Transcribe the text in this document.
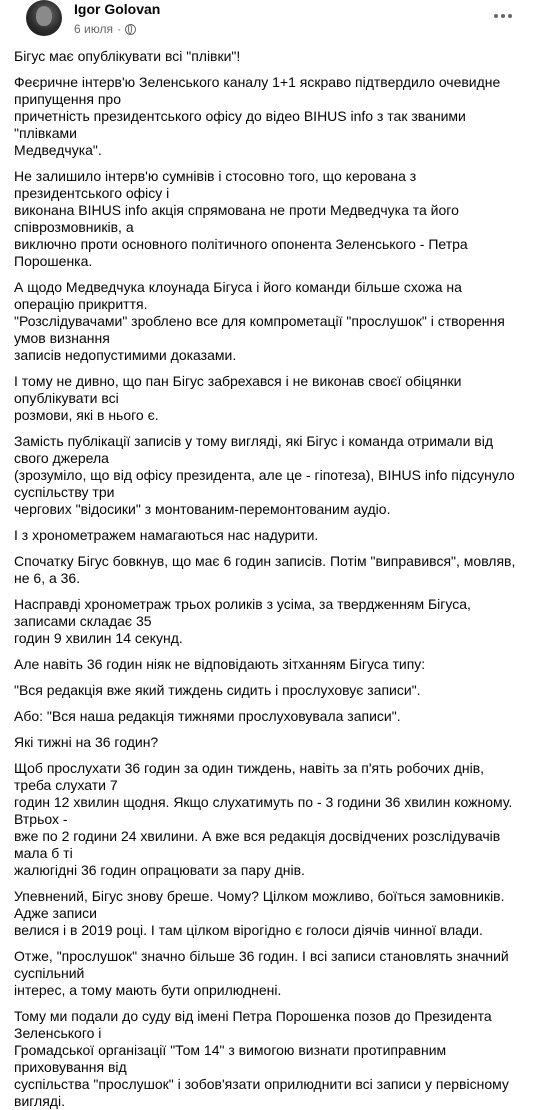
Igor Golovan
6 июля ·

Бігус має опублікувати всі "плівки"!

Феєричне інтерв'ю Зеленського каналу 1+1 яскраво підтвердило очевидне припущення про
причетність президентського офісу до відео BIHUS info з так званими "плівками
Медведчука".

Не залишило інтерв'ю сумнівів і стосовно того, що керована з президентського офісу і
виконана BIHUS info акція спрямована не проти Медведчука та його співрозмовників, а
виключно проти основного політичного опонента Зеленського - Петра Порошенка.

А щодо Медведчука клоунада Бігуса і його команди більше схожа на операцію прикриття.
"Розслідувачами" зроблено все для компрометації "прослушок" і створення умов визнання
записів недопустимими доказами.

І тому не дивно, що пан Бігус забрехався і не виконав своєї обіцянки опублікувати всі
розмови, які в нього є.

Замість публікації записів у тому вигляді, які Бігус і команда отримали від свого джерела
(зрозуміло, що від офісу президента, але це - гіпотеза), BIHUS info підсунуло суспільству три
чергових "вiдосики" з монтованим-перемонтованим аудіо.

І з хронометражем намагаються нас надурити.

Спочатку Бігус бовкнув, що має 6 годин записів. Потім "виправився", мовляв, не 6, а 36.

Насправді хронометраж трьох роликів з усіма, за твердженням Бігуса, записами складає 35
годин 9 хвилин 14 секунд.

Але навіть 36 годин ніяк не відповідають зітханням Бігуса типу:

"Вся редакція вже який тиждень сидить і прослуховує записи".

Або: "Вся наша редакція тижнями прослуховувала записи".

Які тижні на 36 годин?

Щоб прослухати 36 годин за один тиждень, навіть за п'ять робочих днів, треба слухати 7
годин 12 хвилин щодня. Якщо слухатимуть по - 3 години 36 хвилин кожному. Втрьох -
вже по 2 години 24 хвилини. А вже вся редакція досвідчених розслідувачів мала б ті
жалюгідні 36 годин опрацювати за пару днів.

Упевнений, Бігус знову бреше. Чому? Цілком можливо, боїться замовників. Адже записи
велися і в 2019 році. І там цілком вірогідно є голоси діячів чинної влади.

Отже, "прослушок" значно більше 36 годин. І всі записи становлять значний суспільний
інтерес, а тому мають бути оприлюднені.

Тому ми подали до суду від імені Петра Порошенка позов до Президента Зеленського і
Громадської організації "Том 14" з вимогою визнати протиправним приховування від
суспільства "прослушок" і зобов'язати оприлюднити всі записи у первісному вигляді.
